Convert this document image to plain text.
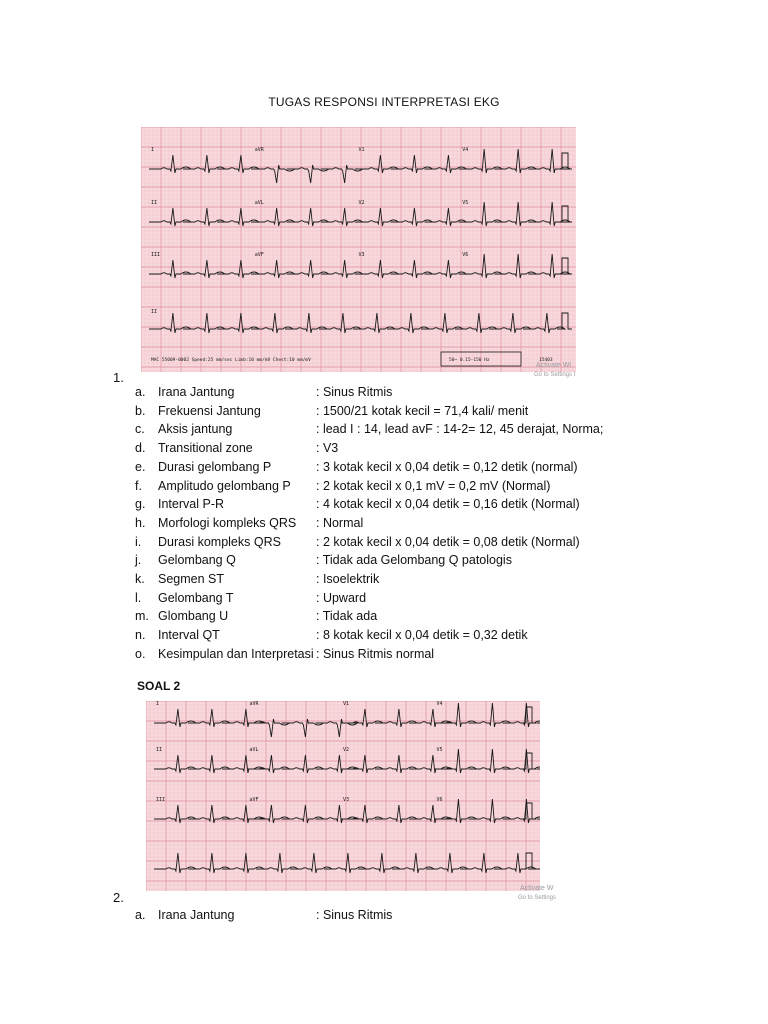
TUGAS RESPONSI INTERPRETASI EKG
I	aVR	V1	V4
II	aVL	V2	V5
III	aVF	V3	V6
II
MAC 55009-0002 Speed:25 mm/sec Limb:10 mm/mV Chest:10 mm/mV	50~ 0.15-150 Hz	15403
Activate Wi
Go to Settings t
1.
a. Irana Jantung	: Sinus Ritmis
b. Frekuensi Jantung	: 1500/21 kotak kecil = 71,4 kali/ menit
c. Aksis jantung	: lead I : 14, lead avF : 14-2= 12, 45 derajat, Norma;
d. Transitional zone	: V3
e. Durasi gelombang P	: 3 kotak kecil x 0,04 detik = 0,12 detik (normal)
f. Amplitudo gelombang P : 2 kotak kecil x 0,1 mV = 0,2 mV (Normal)
g. Interval P-R	: 4 kotak kecil x 0,04 detik = 0,16 detik (Normal)
h. Morfologi kompleks QRS : Normal
i. Durasi kompleks QRS	: 2 kotak kecil x 0,04 detik = 0,08 detik (Normal)
j. Gelombang Q	: Tidak ada Gelombang Q patologis
k. Segmen ST	: Isoelektrik
l. Gelombang T	: Upward
m. Glombang U	: Tidak ada
n. Interval QT	: 8 kotak kecil x 0,04 detik = 0,32 detik
o. Kesimpulan dan Interpretasi : Sinus Ritmis normal
SOAL 2
I	aVR	V1	V4
II	aVL	V2	V5
III	aVF	V3	V6
Activate W
Go to Settings
2.
a. Irana Jantung	: Sinus Ritmis
